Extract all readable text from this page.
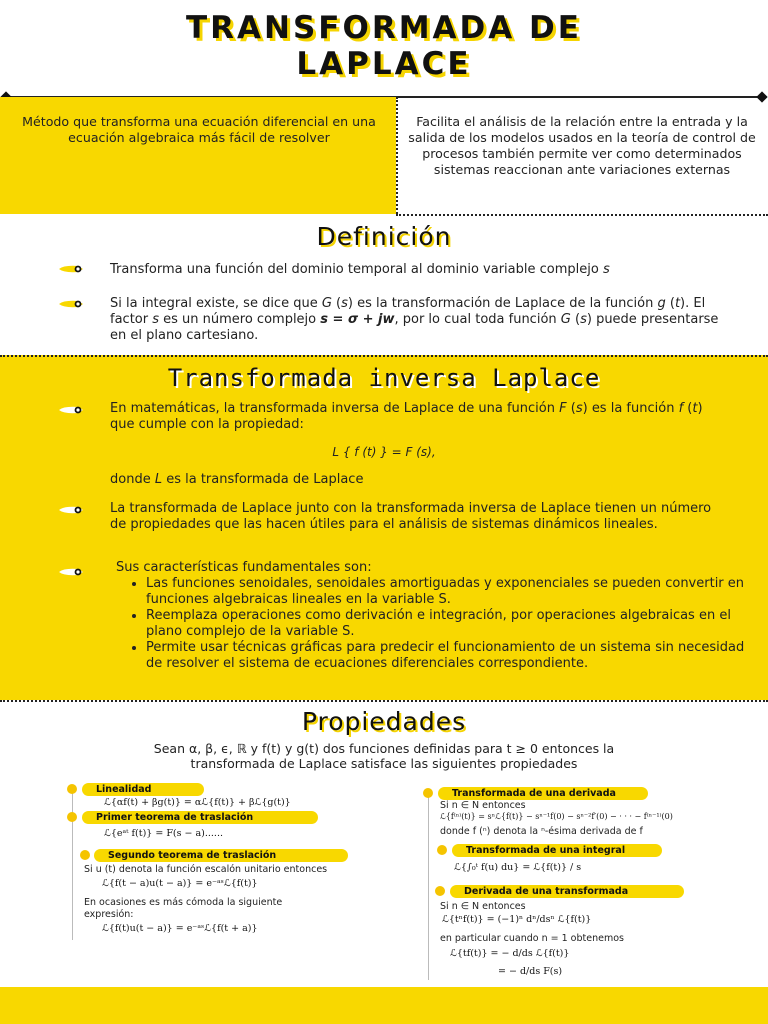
TRANSFORMADA DE
LAPLACE
Método que transforma una ecuación diferencial en una ecuación algebraica más fácil de resolver
Facilita el análisis de la relación entre la entrada y la salida de los modelos usados en la teoría de control de procesos también permite ver como determinados sistemas reaccionan ante variaciones externas
Definición
Transforma una función del dominio temporal al dominio variable complejo s
Si la integral existe, se dice que G (s) es la transformación de Laplace de la función g (t). El factor s es un número complejo s = σ + jw, por lo cual toda función G (s) puede presentarse en el plano cartesiano.
Transformada inversa Laplace
En matemáticas, la transformada inversa de Laplace de una función F (s) es la función f (t) que cumple con la propiedad:
L { f (t) } = F (s),
donde L es la transformada de Laplace
La transformada de Laplace junto con la transformada inversa de Laplace tienen un número de propiedades que las hacen útiles para el análisis de sistemas dinámicos lineales.
Sus características fundamentales son:
• Las funciones senoidales, senoidales amortiguadas y exponenciales se pueden convertir en funciones algebraicas lineales en la variable S.
• Reemplaza operaciones como derivación e integración, por operaciones algebraicas en el plano complejo de la variable S.
• Permite usar técnicas gráficas para predecir el funcionamiento de un sistema sin necesidad de resolver el sistema de ecuaciones diferenciales correspondiente.
Propiedades
Sean α, β, ϵ, ℝ y f(t) y g(t) dos funciones definidas para t ≥ 0 entonces la
transformada de Laplace satisface las siguientes propiedades
Linealidad
ℒ{αf(t) + βg(t)} = αℒ{f(t)} + βℒ{g(t)}
Primer teorema de traslación
ℒ{eᵃᵗ f(t)} = F(s − a)......
Segundo teorema de traslación
Si u (t) denota la función escalón unitario entonces
ℒ{f(t − a)u(t − a)} = e⁻ᵃˢℒ{f(t)}
En ocasiones es más cómoda la siguiente expresión:
ℒ{f(t)u(t − a)} = e⁻ᵃˢℒ{f(t + a)}
Transformada de una derivada
Si n ∈ N entonces
ℒ{f⁽ⁿ⁾(t)} = sⁿℒ{f(t)} − sⁿ⁻¹f(0) − sⁿ⁻²f′(0) − · · · − f⁽ⁿ⁻¹⁾(0)
donde f (ⁿ) denota la ⁿ-ésima derivada de f
Transformada de una integral
ℒ{∫₀ᵗ f(u) du} = ℒ{f(t)} / s
Derivada de una transformada
Si n ∈ N entonces
ℒ{tⁿf(t)} = (−1)ⁿ dⁿ/dsⁿ ℒ{f(t)}
en particular cuando n = 1 obtenemos
ℒ{tf(t)} = − d/ds ℒ{f(t)}
= − d/ds F(s)
